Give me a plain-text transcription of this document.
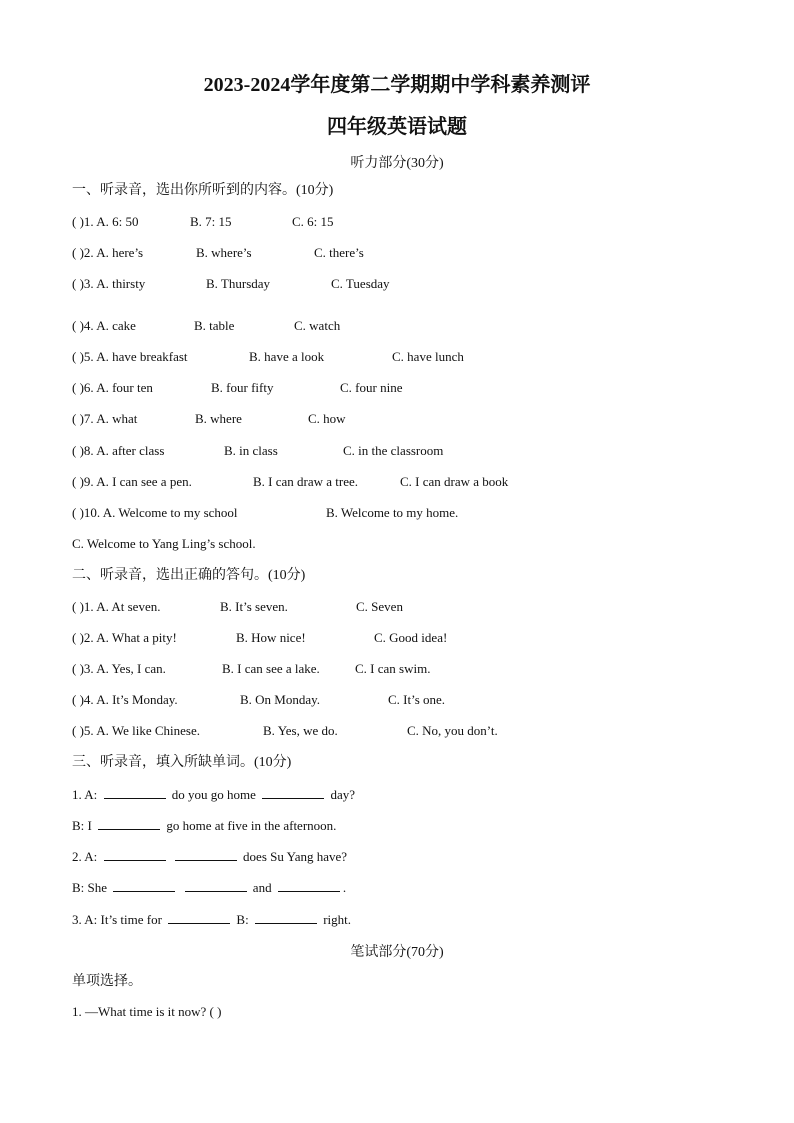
2023-2024学年度第二学期期中学科素养测评
四年级英语试题
听力部分(30分)
一、听录音，选出你所听到的内容。(10分)
( )1. A. 6: 50	B. 7: 15	C. 6: 15
( )2. A. here’s	B. where’s	C. there’s
( )3. A. thirsty	B. Thursday	C. Tuesday
( )4. A. cake	B. table	C. watch
( )5. A. have breakfast	B. have a look	C. have lunch
( )6. A. four ten	B. four fifty	C. four nine
( )7. A. what	B. where	C. how
( )8. A. after class	B. in class	C. in the classroom
( )9. A. I can see a pen.	B. I can draw a tree.	C. I can draw a book
( )10. A. Welcome to my school	B. Welcome to my home.
C. Welcome to Yang Ling’s school.
二、听录音，选出正确的答句。(10分)
( )1. A. At seven.	B. It’s seven.	C. Seven
( )2. A. What a pity!	B. How nice!	C. Good idea!
( )3. A. Yes, I can.	B. I can see a lake.	C. I can swim.
( )4. A. It’s Monday.	B. On Monday.	C. It’s one.
( )5. A. We like Chinese.	B. Yes, we do.	C. No, you don’t.
三、听录音，填入所缺单词。(10分)
1. A:	do you go home	day?
B: I	go home at five in the afternoon.
2. A:	does Su Yang have?
B: She	and	.
3. A: It’s time for	B:	right.
笔试部分(70分)
单项选择。
1. —What time is it now? ( )
